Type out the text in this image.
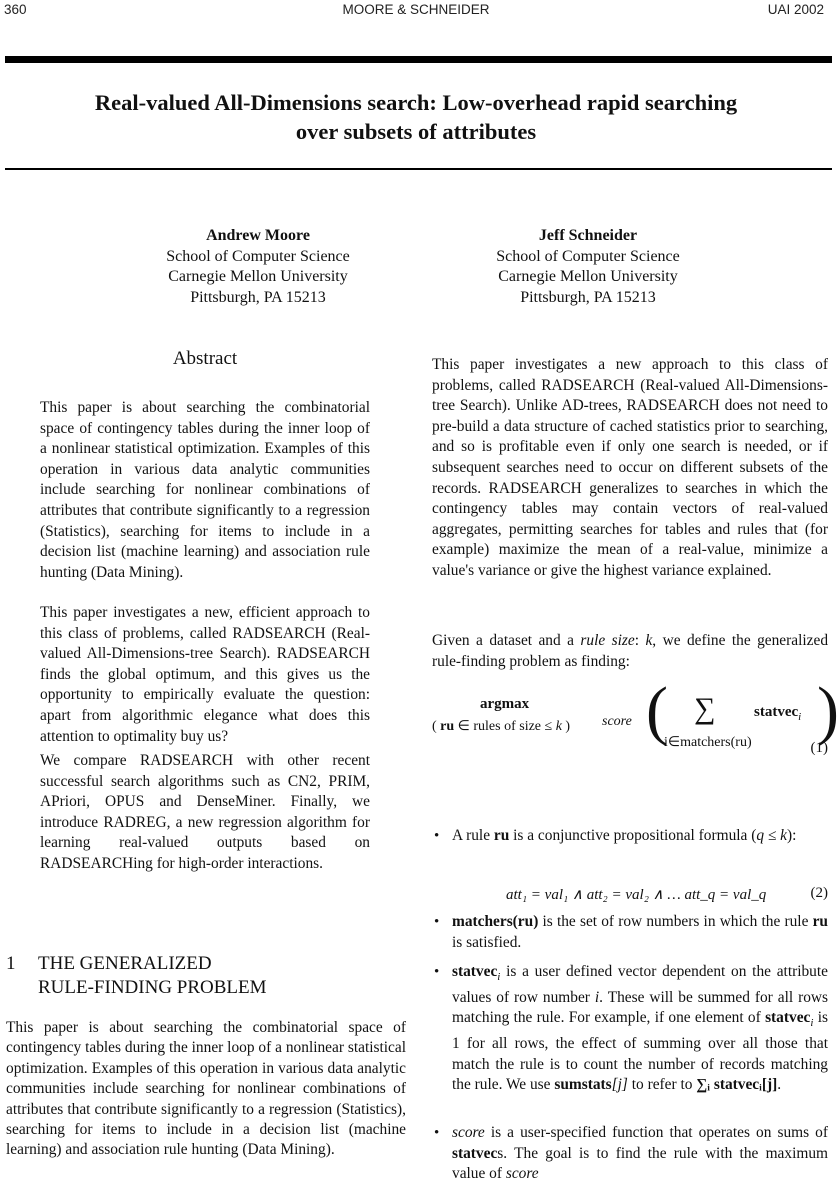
360	MOORE & SCHNEIDER	UAI 2002
Real-valued All-Dimensions search: Low-overhead rapid searching
over subsets of attributes
Andrew Moore
School of Computer Science
Carnegie Mellon University
Pittsburgh, PA 15213
Jeff Schneider
School of Computer Science
Carnegie Mellon University
Pittsburgh, PA 15213
Abstract

This paper is about searching the combinatorial space of contingency tables during the inner loop of a nonlinear statistical optimization. Examples of this operation in various data analytic communities include searching for nonlinear combinations of attributes that contribute significantly to a regression (Statistics), searching for items to include in a decision list (machine learning) and association rule hunting (Data Mining).

This paper investigates a new, efficient approach to this class of problems, called RADSEARCH (Real-valued All-Dimensions-tree Search). RADSEARCH finds the global optimum, and this gives us the opportunity to empirically evaluate the question: apart from algorithmic elegance what does this attention to optimality buy us?

We compare RADSEARCH with other recent successful search algorithms such as CN2, PRIM, APriori, OPUS and DenseMiner. Finally, we introduce RADREG, a new regression algorithm for learning real-valued outputs based on RADSEARCHing for high-order interactions.

1 THE GENERALIZED
RULE-FINDING PROBLEM

This paper is about searching the combinatorial space of contingency tables during the inner loop of a nonlinear statistical optimization. Examples of this operation in various data analytic communities include searching for nonlinear combinations of attributes that contribute significantly to a regression (Statistics), searching for items to include in a decision list (machine learning) and association rule hunting (Data Mining).

This paper investigates a new approach to this class of problems, called RADSEARCH (Real-valued All-Dimensions-tree Search). Unlike AD-trees, RADSEARCH does not need to pre-build a data structure of cached statistics prior to searching, and so is profitable even if only one search is needed, or if subsequent searches need to occur on different subsets of the records. RADSEARCH generalizes to searches in which the contingency tables may contain vectors of real-valued aggregates, permitting searches for tables and rules that (for example) maximize the mean of a real-value, minimize a value's variance or give the highest variance explained.

Given a dataset and a rule size: k, we define the generalized rule-finding problem as finding:

argmax
( ru ∈ rules of size ≤ k ) score ( ∑	statvec$_i$
i∈matchers(ru) )
(1)
• A rule ru is a conjunctive propositional formula (q ≤ k):
att₁ = val₁ ∧ att₂ = val₂ ∧ … att_q = val_q	(2)
• matchers(ru) is the set of row numbers in which the rule ru is satisfied.
• statvec$_i$ is a user defined vector dependent on the attribute values of row number i. These will be summed for all rows matching the rule. For example, if one element of statvec$_i$ is 1 for all rows, the effect of summing over all those that match the rule is to count the number of records matching the rule. We use sumstats[j] to refer to ∑ᵢ statvecᵢ[j].
• score is a user-specified function that operates on sums of statvecs. The goal is to find the rule with the maximum value of score
